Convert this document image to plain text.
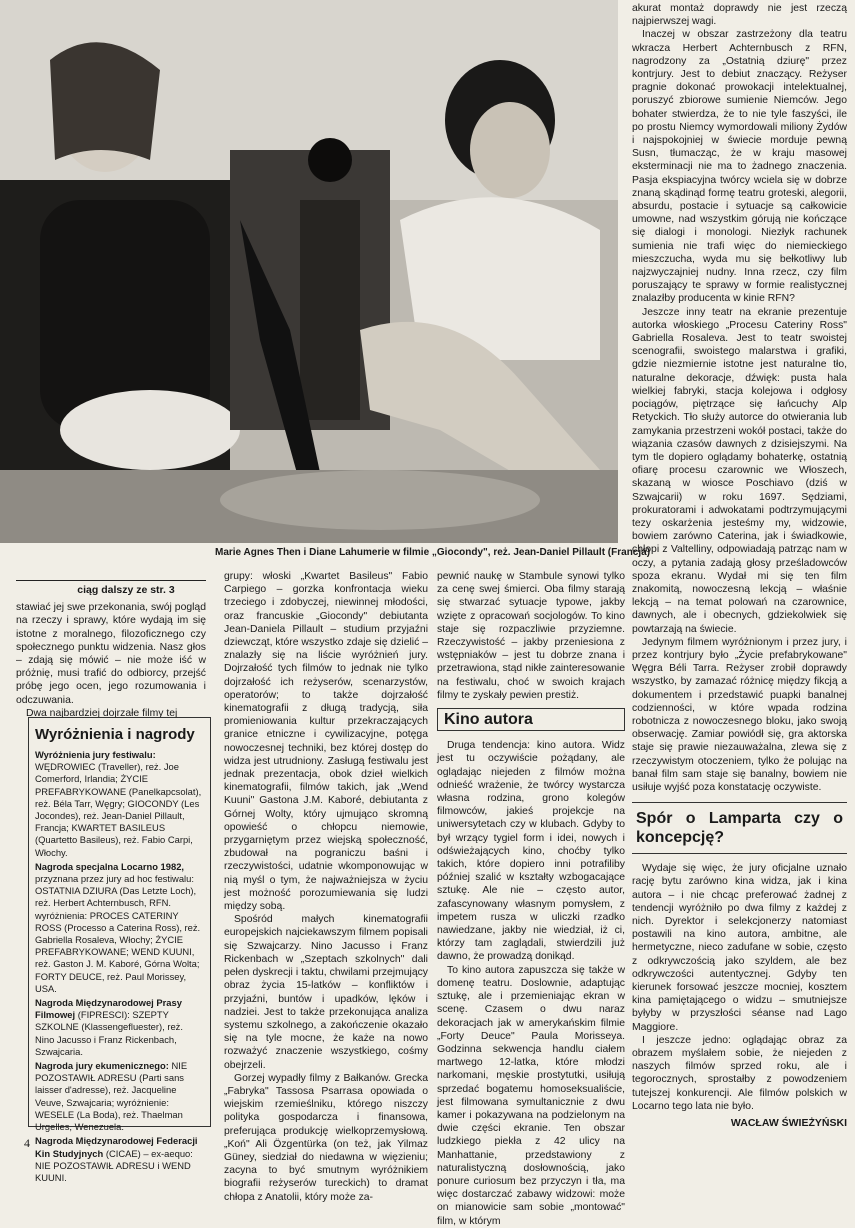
Marie Agnes Then i Diane Lahumerie w filmie „Giocondy", reż. Jean-Daniel Pillault (Francja)
ciąg dalszy ze str. 3

stawiać jej swe przekonania, swój pogląd na rzeczy i sprawy, które wydają im się istotne z moralnego, filozoficznego czy społecznego punktu widzenia. Nasz głos – zdają się mówić – nie może iść w próżnię, musi trafić do odbiorcy, przejść próbę jego ocen, jego rozumowania i odczuwania.

Dwa najbardziej dojrzałe filmy tej

Wyróżnienia i nagrody

Wyróżnienia jury festiwalu: WĘDROWIEC (Traveller), reż. Joe Comerford, Irlandia; ŻYCIE PREFABRYKOWANE (Panelkapcsolat), reż. Béla Tarr, Węgry; GIOCONDY (Les Jocondes), reż. Jean-Daniel Pillault, Francja; KWARTET BASILEUS (Quartetto Basileus), reż. Fabio Carpi, Włochy.

Nagroda specjalna Locarno 1982, przyznana przez jury ad hoc festiwalu: OSTATNIA DZIURA (Das Letzte Loch), reż. Herbert Achternbusch, RFN. wyróżnienia: PROCES CATERINY ROSS (Processo a Caterina Ross), reż. Gabriella Rosaleva, Włochy; ŻYCIE PREFABRYKOWANE; WEND KUUNI, reż. Gaston J. M. Kaboré, Górna Wolta; FORTY DEUCE, reż. Paul Morissey, USA.

Nagroda Międzynarodowej Prasy Filmowej (FIPRESCI): SZEPTY SZKOLNE (Klassengefluester), reż. Nino Jacusso i Franz Rickenbach, Szwajcaria.

Nagroda jury ekumenicznego: NIE POZOSTAWIŁ ADRESU (Parti sans laisser d'adresse), reż. Jacqueline Veuve, Szwajcaria; wyróżnienie: WESELE (La Boda), reż. Thaelman Urgelles, Wenezuela.

Nagroda Międzynarodowej Federacji Kin Studyjnych (CICAE) – ex-aequo: NIE POZOSTAWIŁ ADRESU i WEND KUUNI.

grupy: włoski „Kwartet Basileus" Fabio Carpiego – gorzka konfrontacja wieku trzeciego i zdobyczej, niewinnej młodości, oraz francuskie „Giocondy" debiutanta Jean-Daniela Pillault – studium przyjaźni dziewcząt, które wszystko zdaje się dzielić – znalazły się na liście wyróżnień jury. Dojrzałość tych filmów to jednak nie tylko dojrzałość ich reżyserów, scenarzystów, operatorów; to także dojrzałość kinematografii z długą tradycją, siła promieniowania kultur przekraczających granice etniczne i cywilizacyjne, potęga nowoczesnej techniki, bez której dostęp do widza jest utrudniony. Zasługą festiwalu jest jednak prezentacja, obok dzieł wielkich kinematografii, filmów takich, jak „Wend Kuuni" Gastona J.M. Kaboré, debiutanta z Górnej Wolty, który ujmująco skromną opowieść o chłopcu niemowie, przygarniętym przez wiejską społeczność, zbudował na pograniczu baśni i rzeczywistości, udatnie wkomponowując w nią myśl o tym, że najważniejsza w życiu jest możność porozumiewania się ludzi między sobą.

Spośród małych kinematografii europejskich najciekawszym filmem popisali się Szwajcarzy. Nino Jacusso i Franz Rickenbach w „Szeptach szkolnych" dali pełen dyskrecji i taktu, chwilami przejmujący obraz życia 15-latków – konfliktów i przyjaźni, buntów i upadków, lęków i nadziei. Jest to także przekonująca analiza systemu szkolnego, a zakończenie okazało się na tyle mocne, że każe na nowo rozważyć znaczenie wszystkiego, cośmy obejrzeli.

Gorzej wypadły filmy z Bałkanów. Grecka „Fabryka" Tassosa Psarrasa opowiada o wiejskim rzemieślniku, którego niszczy polityka gospodarcza i finansowa, preferująca produkcję wielkoprzemysłową. „Koń" Ali Özgentürka (on też, jak Yilmaz Güney, siedział do niedawna w więzieniu; zacyna to być smutnym wyróżnikiem biografii reżyserów tureckich) to dramat chłopa z Anatolii, który może za-

pewnić naukę w Stambule synowi tylko za cenę swej śmierci. Oba filmy starają się stwarzać sytuacje typowe, jakby wzięte z opracowań socjologów. To kino staje się rozpaczliwie przyziemne. Rzeczywistość – jakby przeniesiona z wstępniaków – jest tu dobrze znana i przetrawiona, stąd nikłe zainteresowanie na festiwalu, choć w swoich krajach filmy te zyskały pewien prestiż.

Kino autora

Druga tendencja: kino autora. Widz jest tu oczywiście pożądany, ale oglądając niejeden z filmów można odnieść wrażenie, że twórcy wystarcza własna rodzina, grono kolegów filmowców, jakieś projekcje na uniwersytetach czy w klubach. Gdyby to był wrzący tygiel form i idei, nowych i odświeżających kino, choćby tylko takich, które dopiero inni potrafiliby później szalić w kształty wzbogacające sztukę. Ale nie – często autor, zafascynowany własnym pomysłem, z impetem rusza w uliczki rzadko nawiedzane, jakby nie wiedział, iż ci, którzy tam zaglądali, stwierdzili już dawno, że prowadzą donikąd.

To kino autora zapuszcza się także w domenę teatru. Doslownie, adaptując sztukę, ale i przemieniając ekran w scenę. Czasem o dwu naraz dekoracjach jak w amerykańskim filmie „Forty Deuce" Paula Morisseya. Godzinna sekwencja handlu ciałem martwego 12-latka, które młodzi narkomani, męskie prostytutki, usiłują sprzedać bogatemu homoseksualiście, jest filmowana symultanicznie z dwu kamer i pokazywana na podzielonym na dwie części ekranie. Ten obszar ludzkiego piekła z 42 ulicy na Manhattanie, przedstawiony z naturalistyczną dosłownością, jako ponure curiosum bez przyczyn i tła, ma więc dostarczać zabawy widzowi: może on mianowicie sam sobie „montować" film, w którym

akurat montaż doprawdy nie jest rzeczą najpierwszej wagi.

Inaczej w obszar zastrzeżony dla teatru wkracza Herbert Achternbusch z RFN, nagrodzony za „Ostatnią dziurę" przez kontrjury. Jest to debiut znaczący. Reżyser pragnie dokonać prowokacji intelektualnej, poruszyć zbiorowe sumienie Niemców. Jego bohater stwierdza, że to nie tyle faszyści, ile po prostu Niemcy wymordowali miliony Żydów i najspokojniej w świecie morduje pewną Susn, tłumacząc, że w kraju masowej eksterminacji nie ma to żadnego znaczenia. Pasja ekspiacyjna twórcy wciela się w dobrze znaną skądinąd formę teatru groteski, alegorii, absurdu, postacie i sytuacje są całkowicie umowne, nad wszystkim górują nie kończące się dialogi i monologi. Niezłyk rachunek sumienia nie trafi więc do niemieckiego mieszczucha, wyda mu się bełkotliwy lub najzwyczajniej nudny. Inna rzecz, czy film poruszający te sprawy w formie realistycznej znalazłby producenta w kinie RFN?

Jeszcze inny teatr na ekranie prezentuje autorka włoskiego „Procesu Cateriny Ross" Gabriella Rosaleva. Jest to teatr swoistej scenografii, swoistego malarstwa i grafiki, gdzie niezmiernie istotne jest naturalne tło, naturalne dekoracje, dźwięk: pusta hala wielkiej fabryki, stacja kolejowa i odgłosy pociągów, piętrzące się łańcuchy Alp Retyckich. Tło służy autorce do otwierania lub zamykania przestrzeni wokół postaci, także do wiązania czasów dawnych z dzisiejszymi. Na tym tle dopiero oglądamy bohaterkę, ostatnią ofiarę procesu czarownic we Włoszech, skazaną w wiosce Poschiavo (dziś w Szwajcarii) w roku 1697. Sędziami, prokuratorami i adwokatami podtrzymującymi tezy oskarżenia jesteśmy my, widzowie, bowiem zarówno Caterina, jak i świadkowie, chłopi z Valtelliny, odpowiadają patrząc nam w oczy, a pytania zadają głosy prześladowców spoza ekranu. Wydał mi się ten film znakomitą, nowoczesną lekcją – właśnie lekcją – na temat polowań na czarownice, dawnych, ale i obecnych, gdziekolwiek się powtarzają na świecie.

Jedynym filmem wyróżnionym i przez jury, i przez kontrjury było „Życie prefabrykowane" Węgra Béli Tarra. Reżyser zrobił doprawdy wszystko, by zamazać różnicę między fikcją a dokumentem i przedstawić puapki banalnej codzienności, w które wpada rodzina robotnicza z nowoczesnego bloku, jako swoją obserwację. Zamiar powiódł się, gra aktorska staje się prawie niezauważalna, zlewa się z rzeczywistym otoczeniem, tylko że polując na banał film sam staje się banalny, bowiem nie usiłuje wyjść poza konstatację oczywiste.

Spór o Lamparta czy o koncepcję?

Wydaje się więc, że jury oficjalne uznało rację bytu zarówno kina widza, jak i kina autora – i nie chcąc preferować żadnej z tendencji wyróżniło po dwa filmy z każdej z nich. Dyrektor i selekcjonerzy natomiast postawili na kino autora, ambitne, ale hermetyczne, nieco zadufane w sobie, często z odkrywczością jako szyldem, ale bez odkrywczości autentycznej. Gdyby ten kierunek forsować jeszcze mocniej, kosztem kina pamiętającego o widzu – smutniejsze byłyby w przyszłości séanse nad Lago Maggiore.

I jeszcze jedno: oglądając obraz za obrazem myślałem sobie, że niejeden z naszych filmów sprzed roku, ale i tegorocznych, sprostałby z powodzeniem tutejszej konkurencji. Ale filmów polskich w Locarno tego lata nie było.

WACŁAW ŚWIEŻYŃSKI
4
